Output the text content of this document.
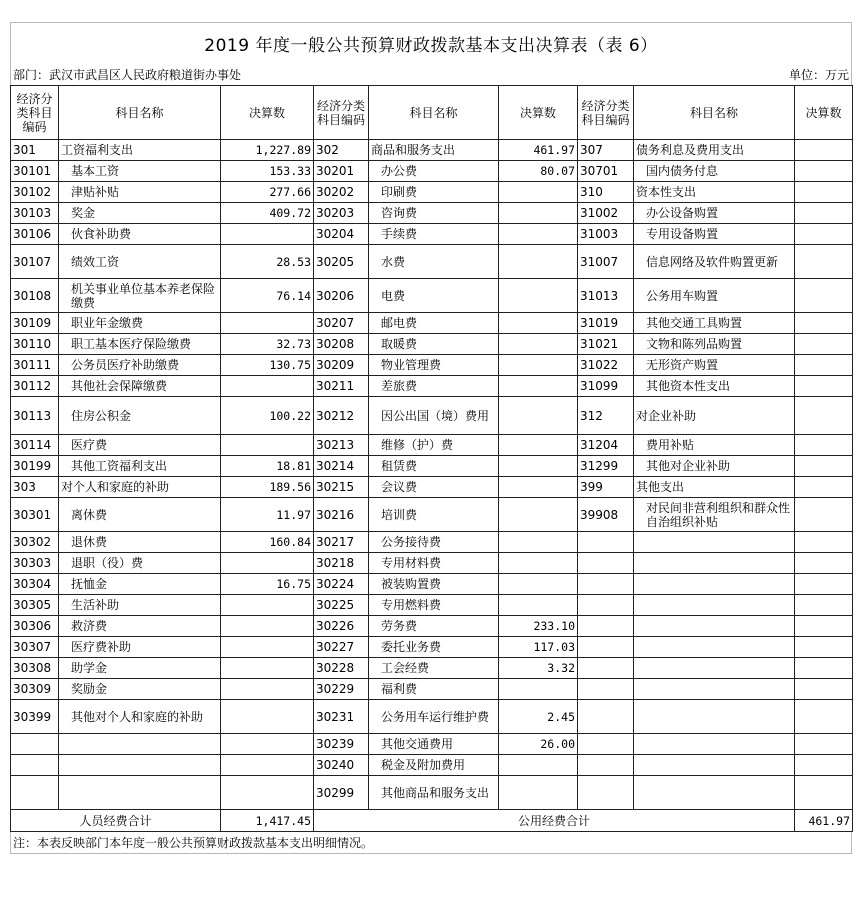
2019 年度一般公共预算财政拨款基本支出决算表（表 6）
部门：武汉市武昌区人民政府粮道街办事处	单位：万元
经济分类科目编码	科目名称	决算数	经济分类科目编码	科目名称	决算数	经济分类科目编码	科目名称	决算数
301	工资福利支出	1,227.89	302	商品和服务支出	461.97	307	债务利息及费用支出	
30101	基本工资	153.33	30201	办公费	80.07	30701	国内债务付息	
30102	津贴补贴	277.66	30202	印刷费		310	资本性支出	
30103	奖金	409.72	30203	咨询费		31002	办公设备购置	
30106	伙食补助费		30204	手续费		31003	专用设备购置	
30107	绩效工资	28.53	30205	水费		31007	信息网络及软件购置更新	
30108	机关事业单位基本养老保险缴费	76.14	30206	电费		31013	公务用车购置	
30109	职业年金缴费		30207	邮电费		31019	其他交通工具购置	
30110	职工基本医疗保险缴费	32.73	30208	取暖费		31021	文物和陈列品购置	
30111	公务员医疗补助缴费	130.75	30209	物业管理费		31022	无形资产购置	
30112	其他社会保障缴费		30211	差旅费		31099	其他资本性支出	
30113	住房公积金	100.22	30212	因公出国（境）费用		312	对企业补助	
30114	医疗费		30213	维修（护）费		31204	费用补贴	
30199	其他工资福利支出	18.81	30214	租赁费		31299	其他对企业补助	
303	对个人和家庭的补助	189.56	30215	会议费		399	其他支出	
30301	离休费	11.97	30216	培训费		39908	对民间非营利组织和群众性自治组织补贴	
30302	退休费	160.84	30217	公务接待费				
30303	退职（役）费		30218	专用材料费				
30304	抚恤金	16.75	30224	被装购置费				
30305	生活补助		30225	专用燃料费				
30306	救济费		30226	劳务费	233.10			
30307	医疗费补助		30227	委托业务费	117.03			
30308	助学金		30228	工会经费	3.32			
30309	奖励金		30229	福利费				
30399	其他对个人和家庭的补助		30231	公务用车运行维护费	2.45			
			30239	其他交通费用	26.00			
			30240	税金及附加费用				
			30299	其他商品和服务支出				
人员经费合计		1,417.45	公用经费合计					461.97
注：本表反映部门本年度一般公共预算财政拨款基本支出明细情况。
